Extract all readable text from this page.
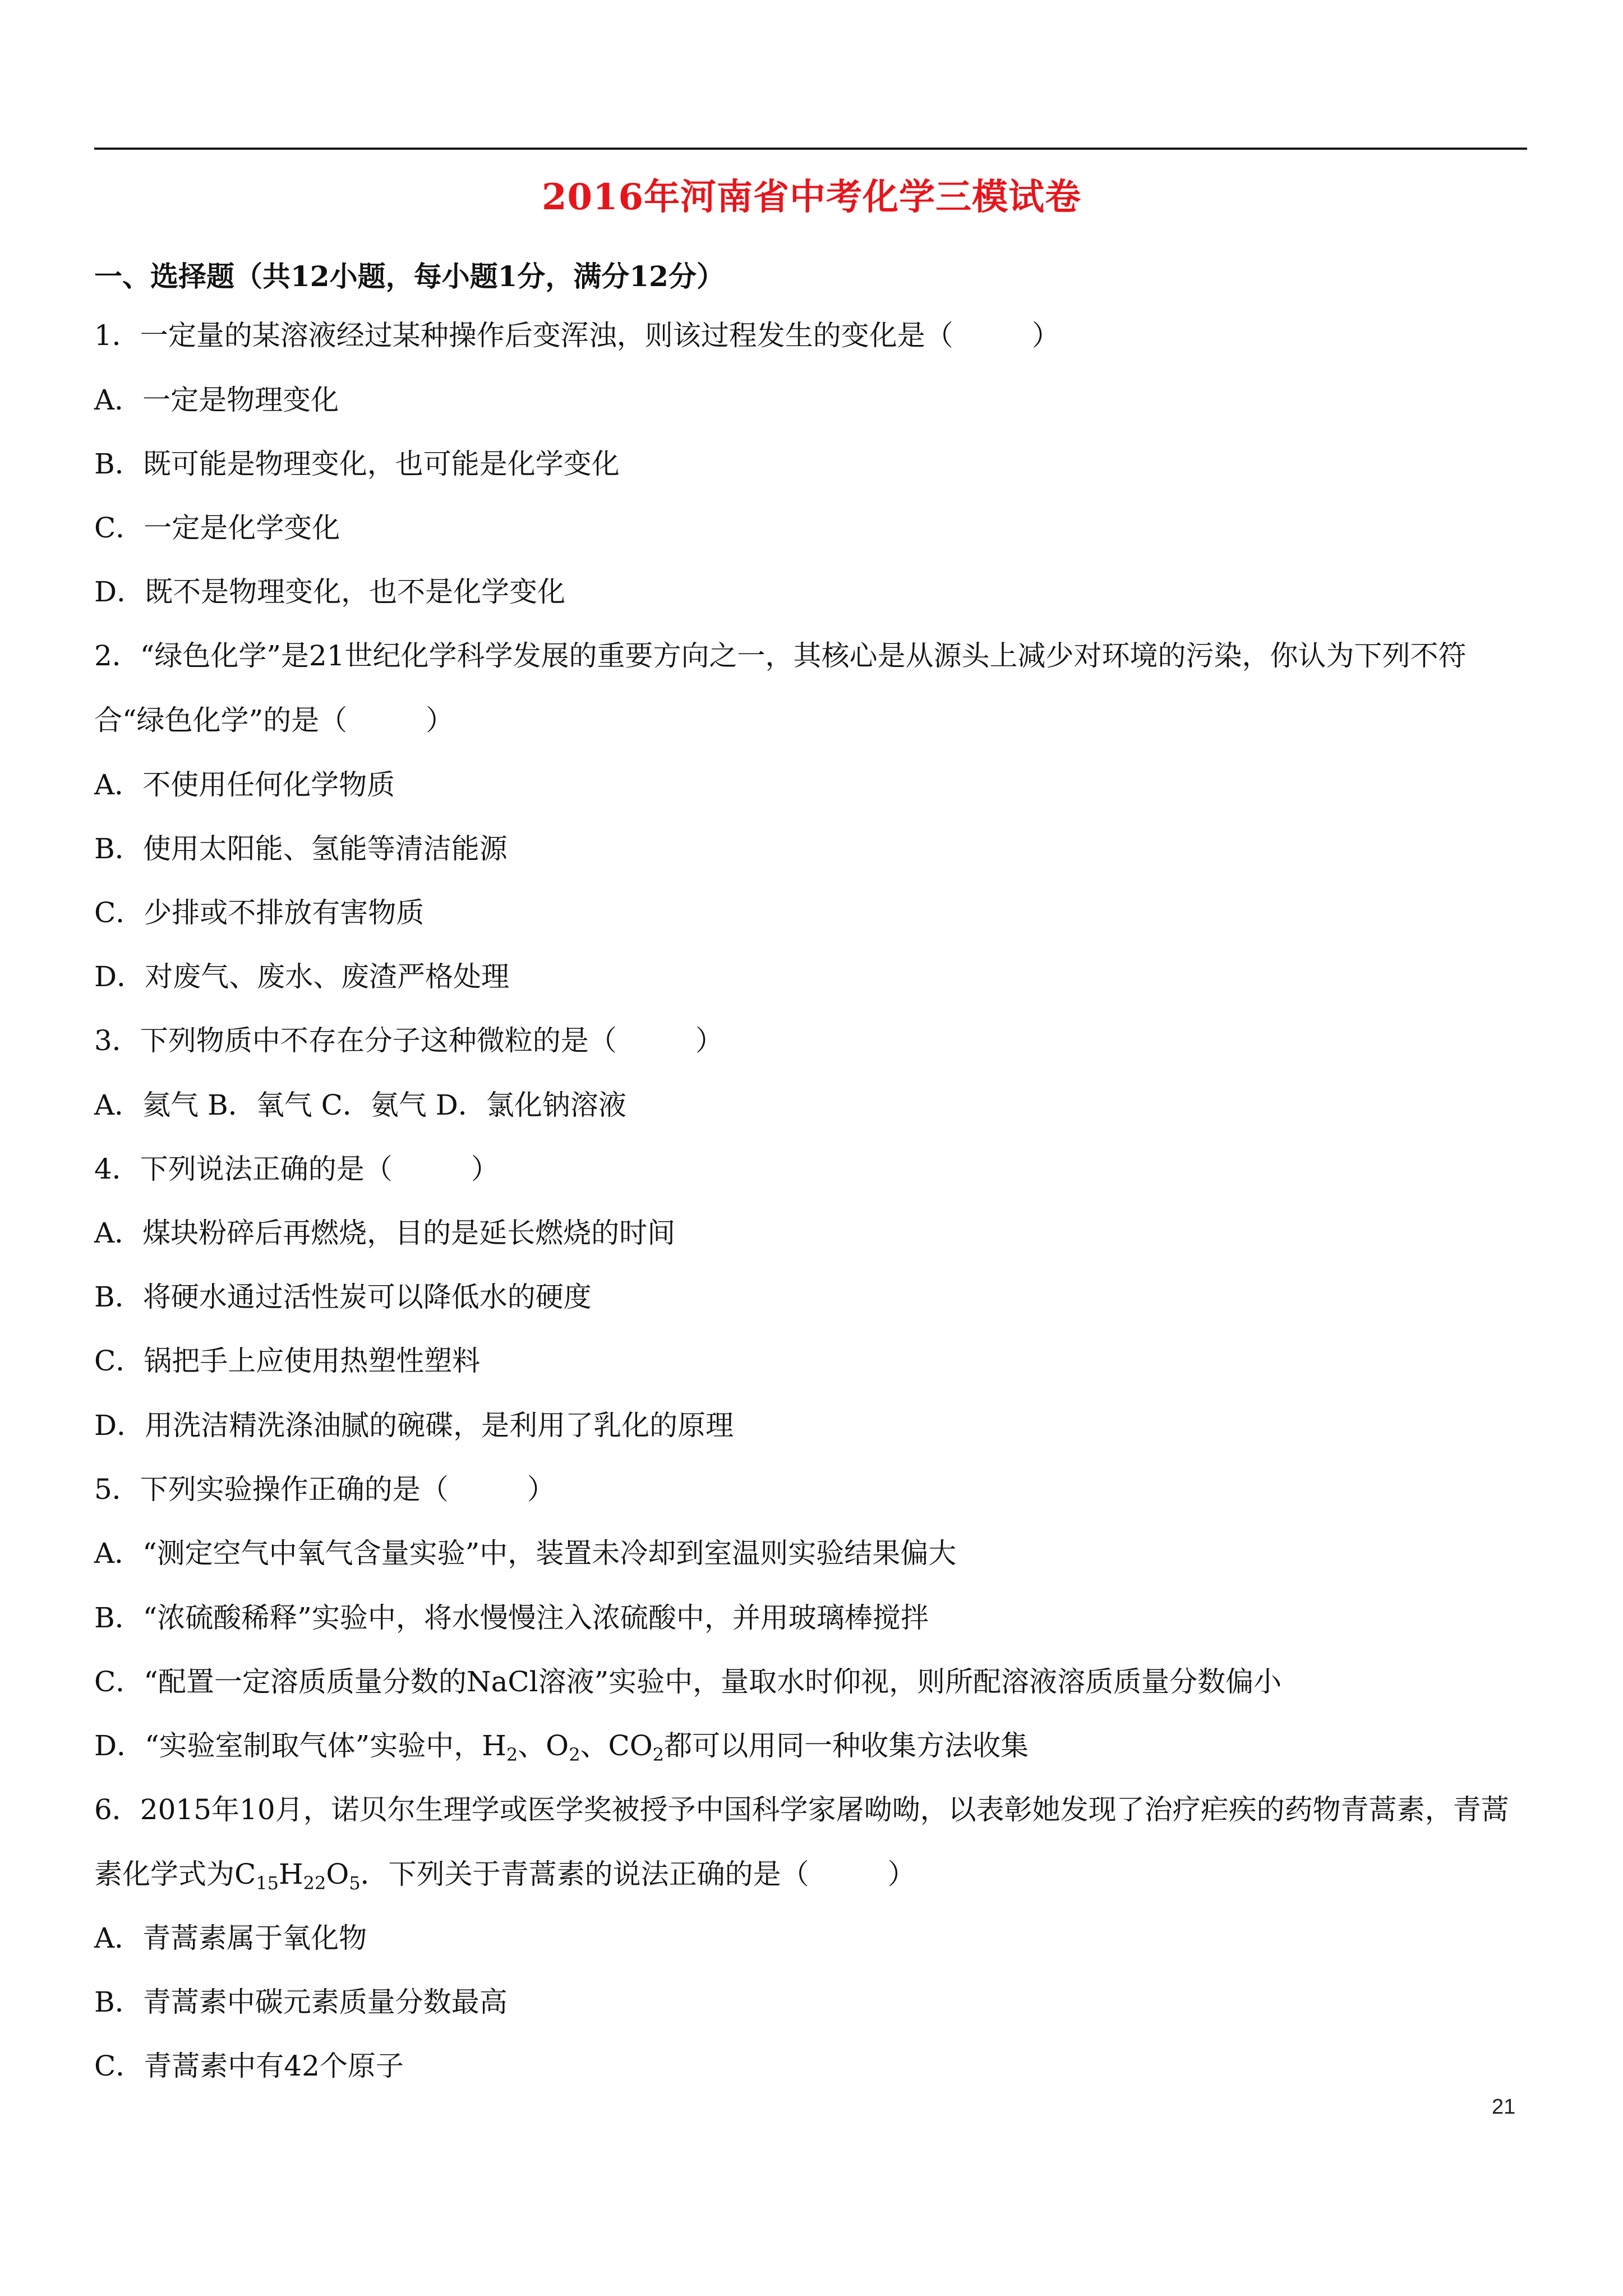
2016年河南省中考化学三模试卷
一、选择题（共12小题，每小题1分，满分12分）
1．一定量的某溶液经过某种操作后变浑浊，则该过程发生的变化是（	）
A．一定是物理变化
B．既可能是物理变化，也可能是化学变化
C．一定是化学变化
D．既不是物理变化，也不是化学变化
2．“绿色化学”是21世纪化学科学发展的重要方向之一，其核心是从源头上减少对环境的污染，你认为下列不符
合“绿色化学”的是（	）
A．不使用任何化学物质
B．使用太阳能、氢能等清洁能源
C．少排或不排放有害物质
D．对废气、废水、废渣严格处理
3．下列物质中不存在分子这种微粒的是（	）
A．氦气 B．氧气 C．氨气 D．氯化钠溶液
4．下列说法正确的是（	）
A．煤块粉碎后再燃烧，目的是延长燃烧的时间
B．将硬水通过活性炭可以降低水的硬度
C．锅把手上应使用热塑性塑料
D．用洗洁精洗涤油腻的碗碟，是利用了乳化的原理
5．下列实验操作正确的是（	）
A．“测定空气中氧气含量实验”中，装置未冷却到室温则实验结果偏大
B．“浓硫酸稀释”实验中，将水慢慢注入浓硫酸中，并用玻璃棒搅拌
C．“配置一定溶质质量分数的NaCl溶液”实验中，量取水时仰视，则所配溶液溶质质量分数偏小
D．“实验室制取气体”实验中，$H_2$、$O_2$、$CO_2$都可以用同一种收集方法收集
6．2015年10月，诺贝尔生理学或医学奖被授予中国科学家屠呦呦，以表彰她发现了治疗疟疾的药物青蒿素，青蒿
素化学式为$C_{15}H_{22}O_5$．下列关于青蒿素的说法正确的是（	）
A．青蒿素属于氧化物
B．青蒿素中碳元素质量分数最高
C．青蒿素中有42个原子
21
